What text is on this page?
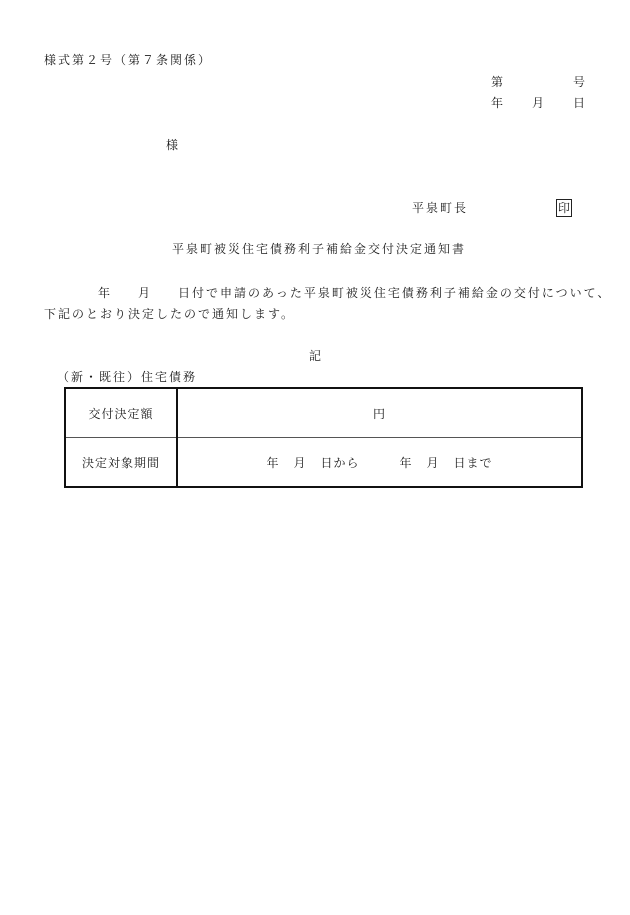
様式第２号（第７条関係）
第	号
年 月 日
様
平泉町長	印
平泉町被災住宅債務利子補給金交付決定通知書
年 月 日付で申請のあった平泉町被災住宅債務利子補給金の交付について、
下記のとおり決定したので通知します。
記
（新・既往）住宅債務
交付決定額	円
決定対象期間	年 月 日から 年 月 日まで
